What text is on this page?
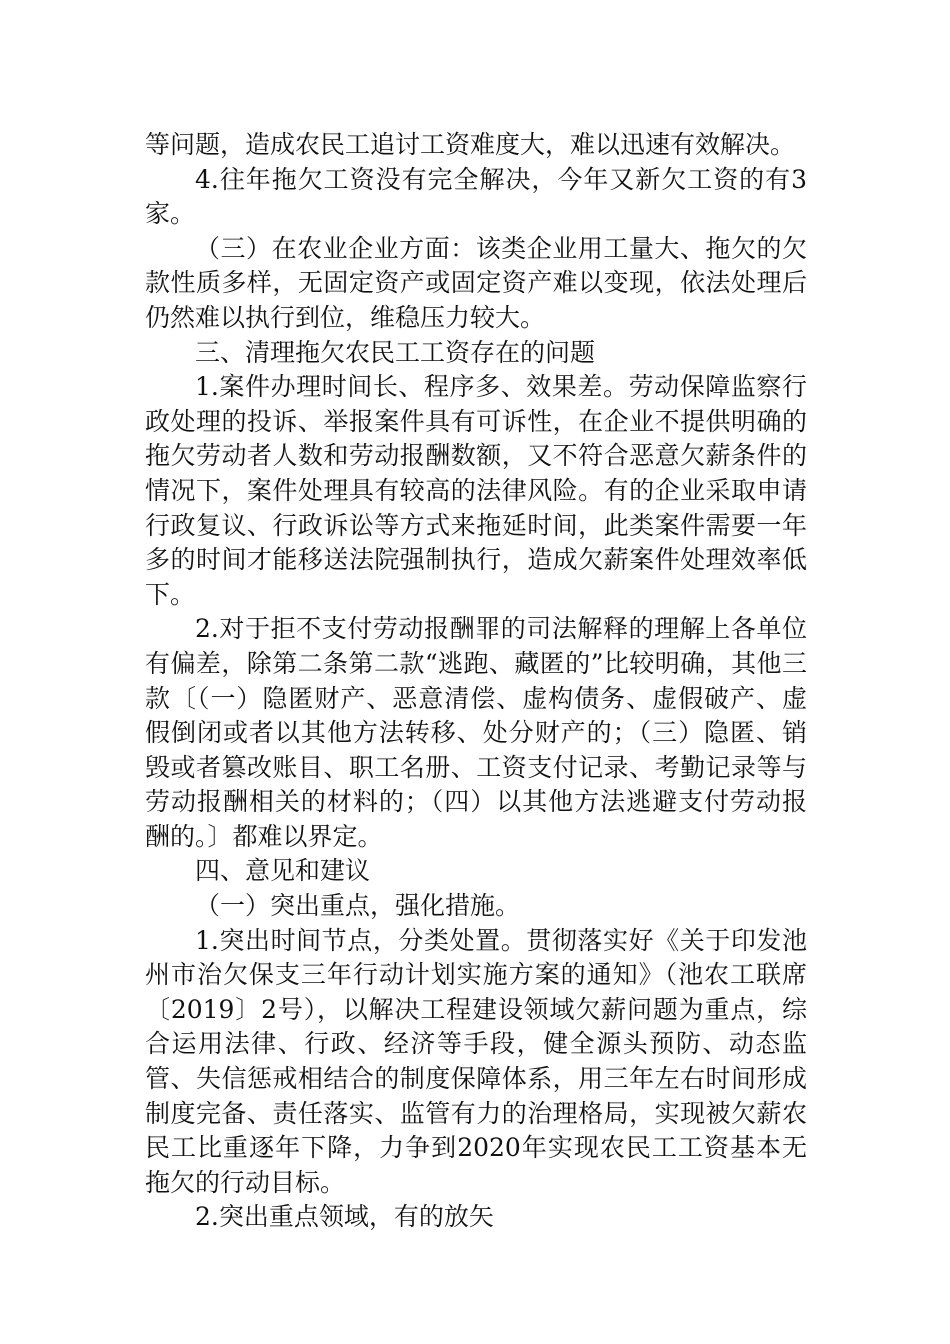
等问题，造成农民工追讨工资难度大，难以迅速有效解决。

4.往年拖欠工资没有完全解决，今年又新欠工资的有3家。

（三）在农业企业方面：该类企业用工量大、拖欠的欠款性质多样，无固定资产或固定资产难以变现，依法处理后仍然难以执行到位，维稳压力较大。

三、清理拖欠农民工工资存在的问题

1.案件办理时间长、程序多、效果差。劳动保障监察行政处理的投诉、举报案件具有可诉性，在企业不提供明确的拖欠劳动者人数和劳动报酬数额，又不符合恶意欠薪条件的情况下，案件处理具有较高的法律风险。有的企业采取申请行政复议、行政诉讼等方式来拖延时间，此类案件需要一年多的时间才能移送法院强制执行，造成欠薪案件处理效率低下。

2.对于拒不支付劳动报酬罪的司法解释的理解上各单位有偏差，除第二条第二款“逃跑、藏匿的”比较明确，其他三款〔（一）隐匿财产、恶意清偿、虚构债务、虚假破产、虚假倒闭或者以其他方法转移、处分财产的；（三）隐匿、销毁或者篡改账目、职工名册、工资支付记录、考勤记录等与劳动报酬相关的材料的；（四）以其他方法逃避支付劳动报酬的。〕都难以界定。

四、意见和建议

（一）突出重点，强化措施。

1.突出时间节点，分类处置。贯彻落实好《关于印发池州市治欠保支三年行动计划实施方案的通知》（池农工联席〔2019〕2号），以解决工程建设领域欠薪问题为重点，综合运用法律、行政、经济等手段，健全源头预防、动态监管、失信惩戒相结合的制度保障体系，用三年左右时间形成制度完备、责任落实、监管有力的治理格局，实现被欠薪农民工比重逐年下降，力争到2020年实现农民工工资基本无拖欠的行动目标。

2.突出重点领域，有的放矢
